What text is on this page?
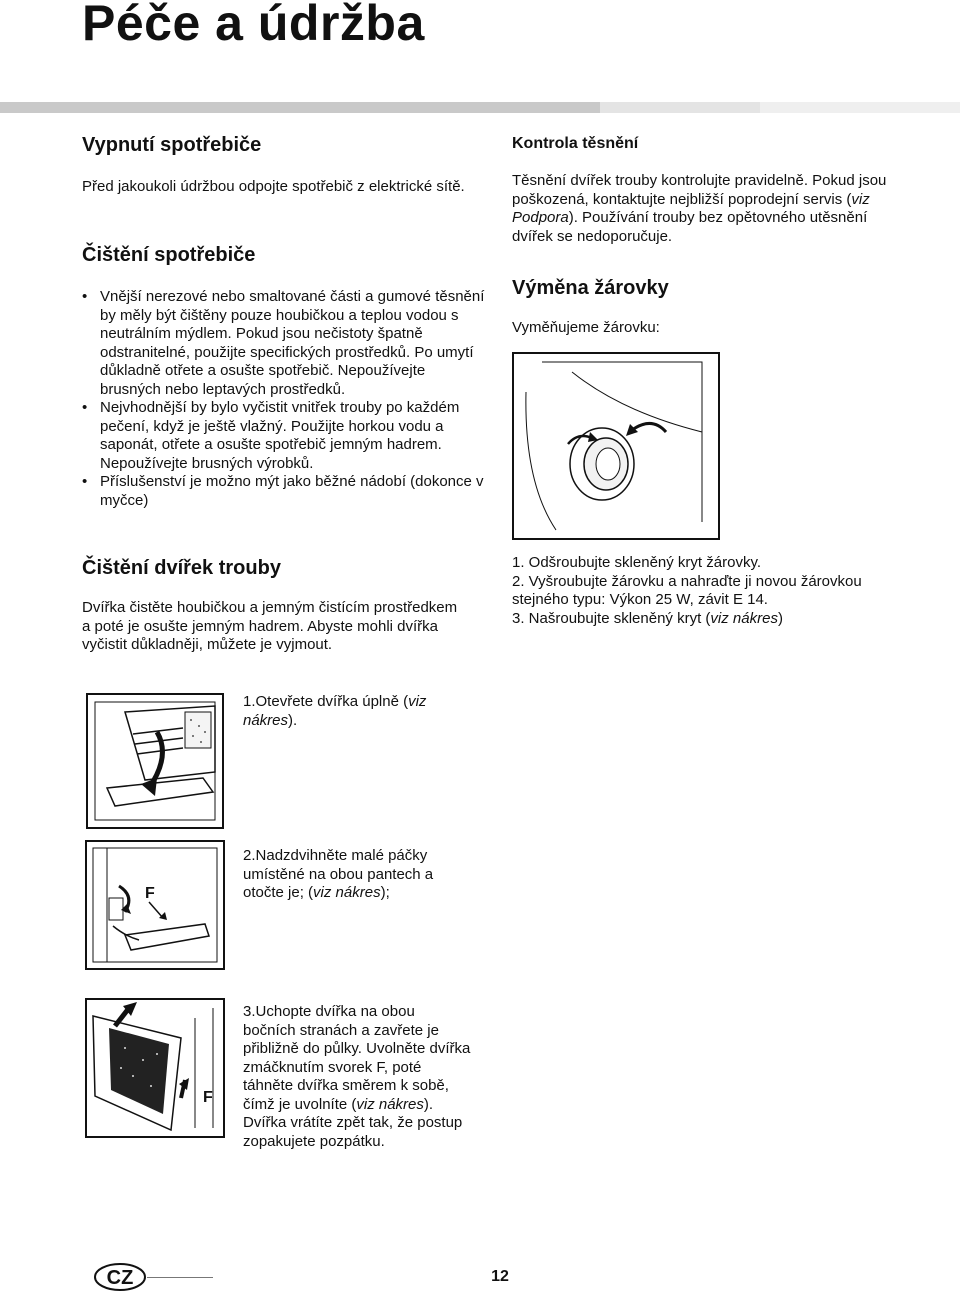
Péče a údržba
Vypnutí spotřebiče

Před jakoukoli údržbou odpojte spotřebič z elektrické sítě.

Čištění spotřebiče
• Vnější nerezové nebo smaltované části a gumové těsnění by měly být čištěny pouze houbičkou a teplou vodou s neutrálním mýdlem. Pokud jsou nečistoty špatně odstranitelné, použijte specifických prostředků. Po umytí důkladně otřete a osušte spotřebič. Nepoužívejte brusných nebo leptavých prostředků.
• Nejvhodnější by bylo vyčistit vnitřek trouby po každém pečení, když je ještě vlažný. Použijte horkou vodu a saponát, otřete a osušte spotřebič jemným hadrem. Nepoužívejte brusných výrobků.
• Příslušenství je možno mýt jako běžné nádobí (dokonce v myčce)
Čištění dvířek trouby

Dvířka čistěte houbičkou a jemným čistícím prostředkem a poté je osušte jemným hadrem. Abyste mohli dvířka vyčistit důkladněji, můžete je vyjmout.

1.Otevřete dvířka úplně (viz nákres).

F

2.Nadzdvihněte malé páčky umístěné na obou pantech a otočte je; (viz nákres);

F

3.Uchopte dvířka na obou bočních stranách a zavřete je přibližně do půlky. Uvolněte dvířka zmáčknutím svorek F, poté táhněte dvířka směrem k sobě, čímž je uvolníte (viz nákres). Dvířka vrátíte zpět tak, že postup zopakujete pozpátku.

Kontrola těsnění

Těsnění dvířek trouby kontrolujte pravidelně. Pokud jsou poškozená, kontaktujte nejbližší poprodejní servis (viz Podpora). Používání trouby bez opětovného utěsnění dvířek se nedoporučuje.

Výměna žárovky

Vyměňujeme žárovku:

1. Odšroubujte skleněný kryt žárovky.

2. Vyšroubujte žárovku a nahraďte ji novou žárovkou stejného typu: Výkon 25 W, závit E 14.

3. Našroubujte skleněný kryt (viz nákres)

CZ	12
